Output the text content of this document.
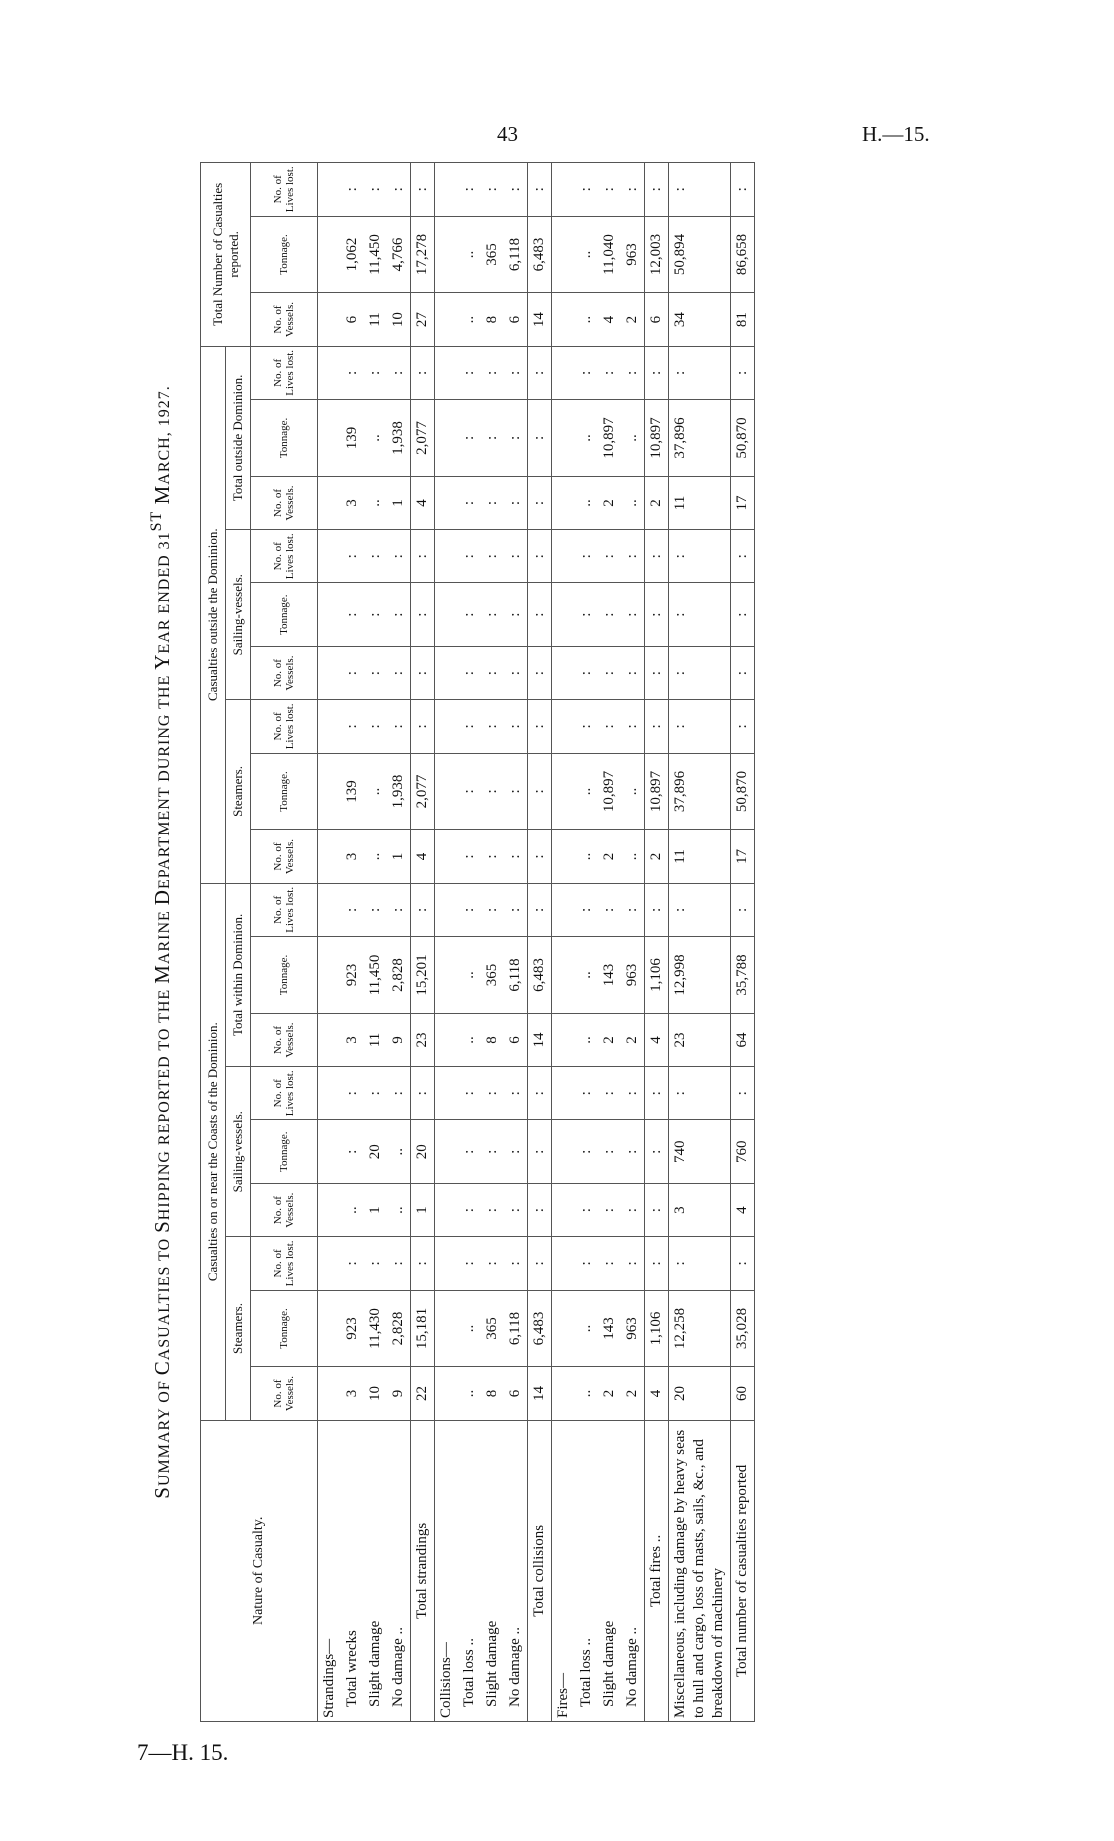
43	H.—15.
SUMMARY OF CASUALTIES TO SHIPPING REPORTED TO THE MARINE DEPARTMENT DURING THE YEAR ENDED 31ST MARCH, 1927.
Nature of Casualty.	Casualties on or near the Coasts of the Dominion.									Casualties outside the Dominion.									Total Number of Casualties reported.		
	Steamers.			Sailing-vessels.			Total within Dominion.			Steamers.			Sailing-vessels.			Total outside Dominion.					
	No. of Vessels.	Tonnage.	No. of Lives lost.	No. of Vessels.	Tonnage.	No. of Lives lost.	No. of Vessels.	Tonnage.	No. of Lives lost.	No. of Vessels.	Tonnage.	No. of Lives lost.	No. of Vessels.	Tonnage.	No. of Lives lost.	No. of Vessels.	Tonnage.	No. of Lives lost.	No. of Vessels.	Tonnage.	No. of Lives lost.
Strandings—																					
Total wrecks	3	923	:	..	:	:	3	923	:	3	139	:	:	:	:	3	139	:	6	1,062	:
Slight damage	10	11,430	:	1	20	:	11	11,450	:	..	..	:	:	:	:	..	..	:	11	11,450	:
No damage ..	9	2,828	:	..	..	:	9	2,828	:	1	1,938	:	:	:	:	1	1,938	:	10	4,766	:
Total strandings	22	15,181	:	1	20	:	23	15,201	:	4	2,077	:	:	:	:	4	2,077	:	27	17,278	:
Collisions—																					
Total loss ..	..	..	:	:	:	:	..	..	:	:	:	:	:	:	:	:	:	:	..	..	:
Slight damage	8	365	:	:	:	:	8	365	:	:	:	:	:	:	:	:	:	:	8	365	:
No damage ..	6	6,118	:	:	:	:	6	6,118	:	:	:	:	:	:	:	:	:	:	6	6,118	:
Total collisions	14	6,483	:	:	:	:	14	6,483	:	:	:	:	:	:	:	:	:	:	14	6,483	:
Fires—																					
Total loss ..	..	..	:	:	:	:	..	..	:	..	..	:	:	:	:	..	..	:	..	..	:
Slight damage	2	143	:	:	:	:	2	143	:	2	10,897	:	:	:	:	2	10,897	:	4	11,040	:
No damage ..	2	963	:	:	:	:	2	963	:	..	..	:	:	:	:	..	..	:	2	963	:
Total fires ..	4	1,106	:	:	:	:	4	1,106	:	2	10,897	:	:	:	:	2	10,897	:	6	12,003	:
Miscellaneous, including damage by heavy seas to hull and cargo, loss of masts, sails, &c., and breakdown of machinery	20	12,258	:	3	740	:	23	12,998	:	11	37,896	:	:	:	:	11	37,896	:	34	50,894	:
Total number of casualties reported	60	35,028	:	4	760	:	64	35,788	:	17	50,870	:	:	:	:	17	50,870	:	81	86,658	:
7—H. 15.
